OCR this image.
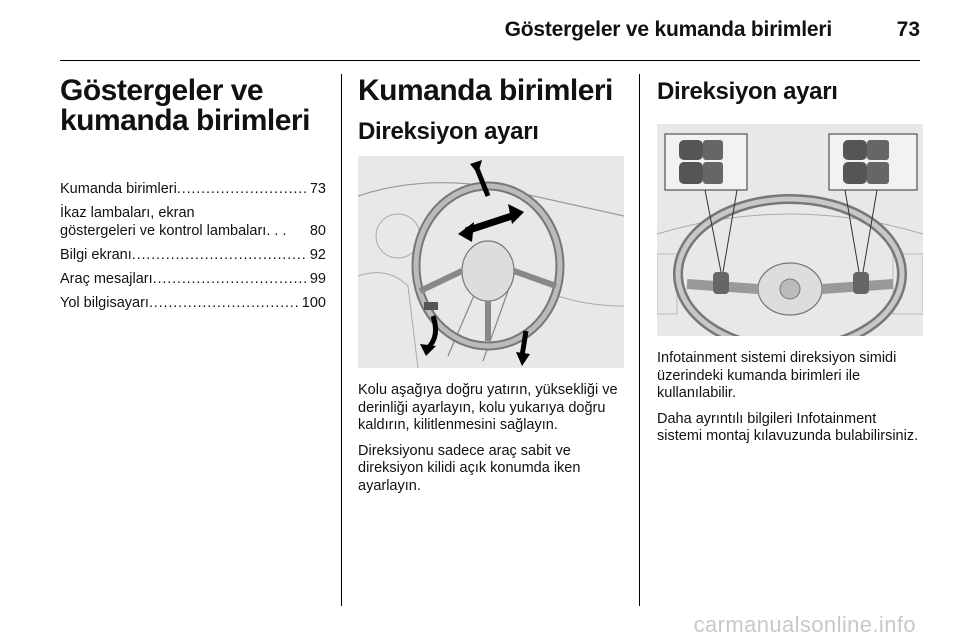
Göstergeler ve kumanda birimleri	73
Göstergeler ve kumanda birimleri
Kumanda birimleri . . .	73
İkaz lambaları, ekran
göstergeleri ve kontrol lambaları . . .	80
Bilgi ekranı . . .	92
Araç mesajları . . .	99
Yol bilgisayarı . . .	100
Kumanda birimleri
Direksiyon ayarı

Kolu aşağıya doğru yatırın, yüksekliği ve derinliği ayarlayın, kolu yukarıya doğru kaldırın, kilitlenmesini sağlayın.

Direksiyonu sadece araç sabit ve direksiyon kilidi açık konumda iken ayarlayın.

Direksiyon ayarı

Infotainment sistemi direksiyon simidi üzerindeki kumanda birimleri ile kullanılabilir.

Daha ayrıntılı bilgileri Infotainment sistemi montaj kılavuzunda bulabilirsiniz.

carmanualsonline.info
